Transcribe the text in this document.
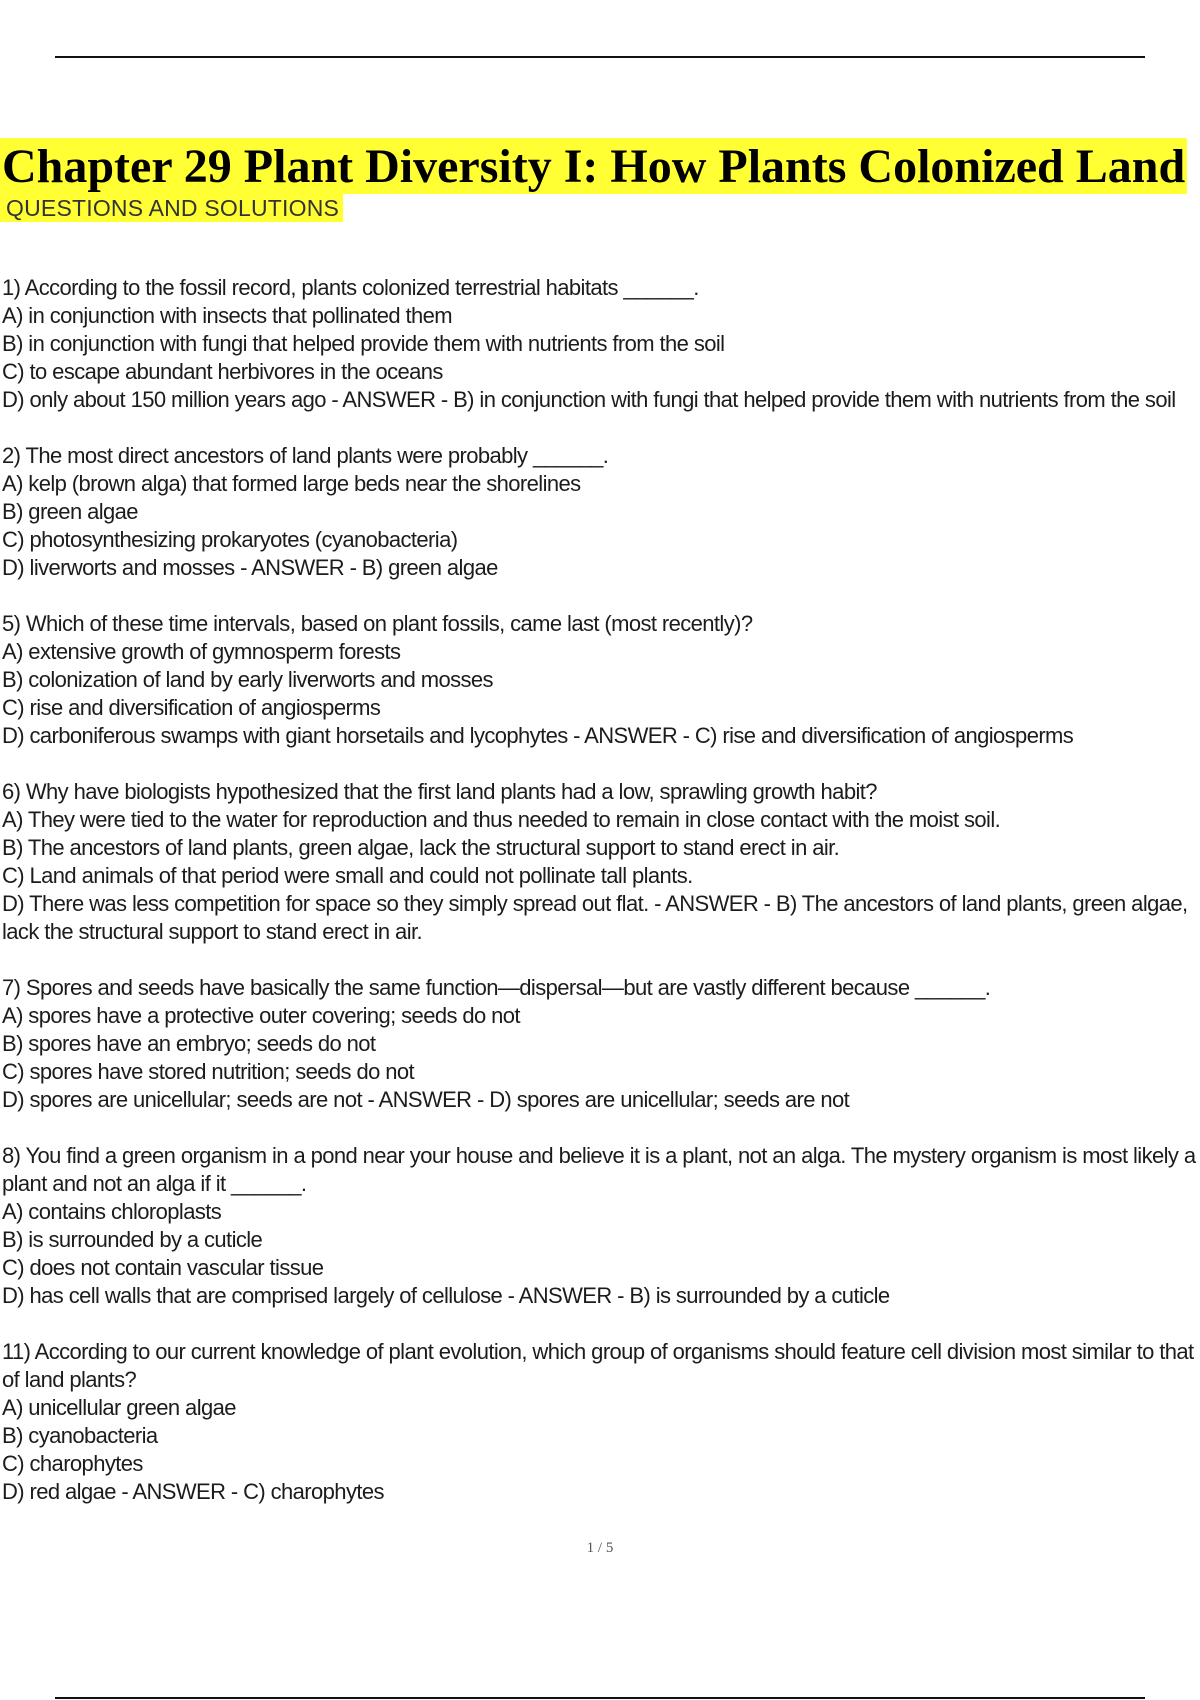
Chapter 29 Plant Diversity I: How Plants Colonized Land
QUESTIONS AND SOLUTIONS
1) According to the fossil record, plants colonized terrestrial habitats ______.
A) in conjunction with insects that pollinated them
B) in conjunction with fungi that helped provide them with nutrients from the soil
C) to escape abundant herbivores in the oceans
D) only about 150 million years ago - ANSWER - B) in conjunction with fungi that helped provide them with nutrients from the soil
2) The most direct ancestors of land plants were probably ______.
A) kelp (brown alga) that formed large beds near the shorelines
B) green algae
C) photosynthesizing prokaryotes (cyanobacteria)
D) liverworts and mosses - ANSWER - B) green algae
5) Which of these time intervals, based on plant fossils, came last (most recently)?
A) extensive growth of gymnosperm forests
B) colonization of land by early liverworts and mosses
C) rise and diversification of angiosperms
D) carboniferous swamps with giant horsetails and lycophytes - ANSWER - C) rise and diversification of angiosperms
6) Why have biologists hypothesized that the first land plants had a low, sprawling growth habit?
A) They were tied to the water for reproduction and thus needed to remain in close contact with the moist soil.
B) The ancestors of land plants, green algae, lack the structural support to stand erect in air.
C) Land animals of that period were small and could not pollinate tall plants.
D) There was less competition for space so they simply spread out flat. - ANSWER - B) The ancestors of land plants, green algae, lack the structural support to stand erect in air.
7) Spores and seeds have basically the same function—dispersal—but are vastly different because ______.
A) spores have a protective outer covering; seeds do not
B) spores have an embryo; seeds do not
C) spores have stored nutrition; seeds do not
D) spores are unicellular; seeds are not - ANSWER - D) spores are unicellular; seeds are not
8) You find a green organism in a pond near your house and believe it is a plant, not an alga. The mystery organism is most likely a plant and not an alga if it ______.
A) contains chloroplasts
B) is surrounded by a cuticle
C) does not contain vascular tissue
D) has cell walls that are comprised largely of cellulose - ANSWER - B) is surrounded by a cuticle
11) According to our current knowledge of plant evolution, which group of organisms should feature cell division most similar to that of land plants?
A) unicellular green algae
B) cyanobacteria
C) charophytes
D) red algae - ANSWER - C) charophytes
1 / 5
